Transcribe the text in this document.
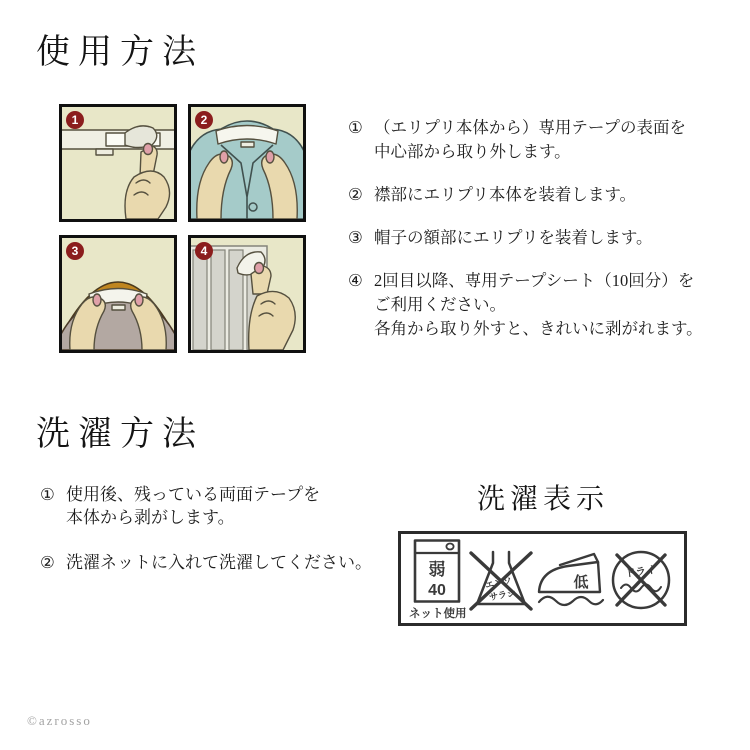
使用方法
1	2
3	4
① （エリプリ本体から）専用テープの表面を
中心部から取り外します。
② 襟部にエリプリ本体を装着します。
③ 帽子の額部にエリプリを装着します。
④ 2回目以降、専用テープシート（10回分）を
ご利用ください。
各角から取り外すと、きれいに剥がれます。
洗濯方法
① 使用後、残っている両面テープを
本体から剥がします。
② 洗濯ネットに入れて洗濯してください。
洗濯表示
弱
40
ネット使用
エンソ
サラシ
低
ドライ
©azrosso
